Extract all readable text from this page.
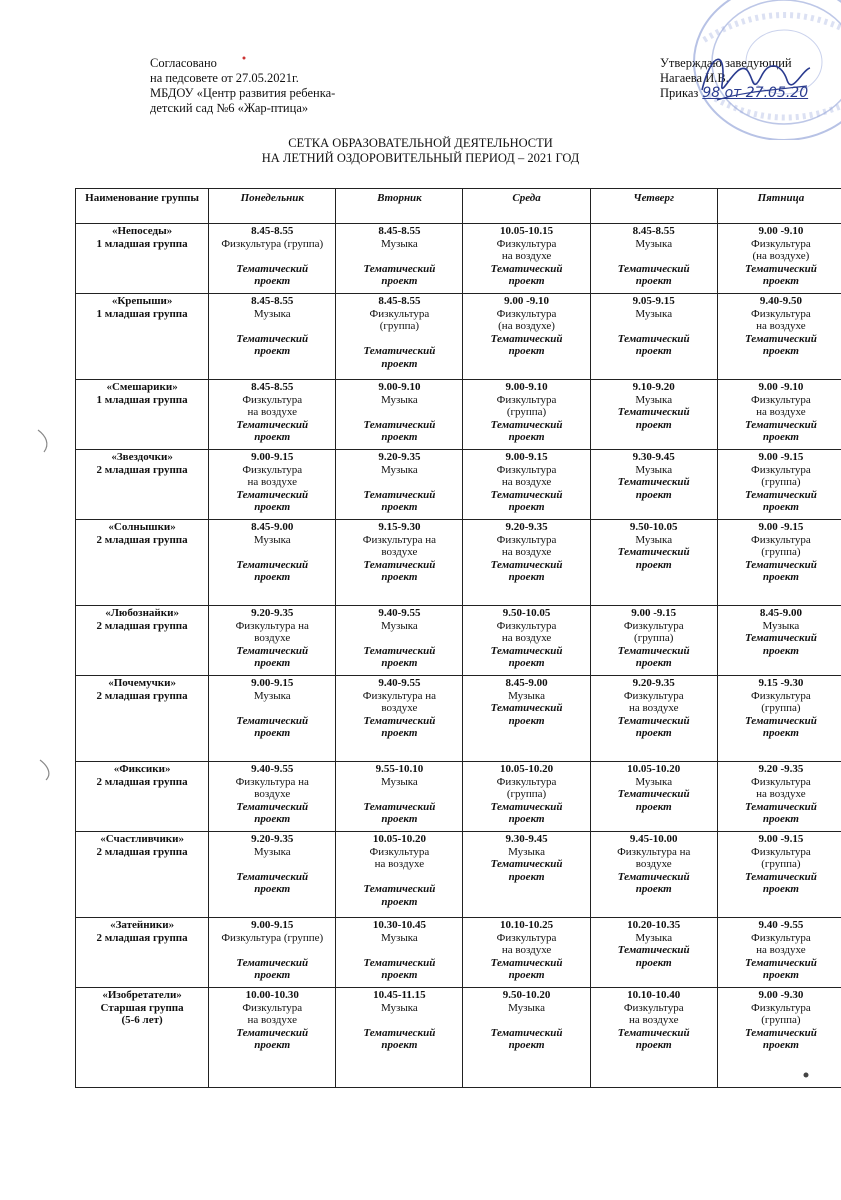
Согласовано
на педсовете от 27.05.2021г.
МБДОУ «Центр развития ребенка-
детский сад №6 «Жар-птица»
Утверждаю заведующий
Нагаева И.В.
Приказ 98 от 27.05.20
СЕТКА ОБРАЗОВАТЕЛЬНОЙ ДЕЯТЕЛЬНОСТИ
НА ЛЕТНИЙ ОЗДОРОВИТЕЛЬНЫЙ ПЕРИОД – 2021 ГОД
Наименование группы	Понедельник	Вторник	Среда	Четверг	Пятница

«Непоседы»
1 младшая группа	8.45-8.55
Физкультура (группа)

Тематический
проект	8.45-8.55
Музыка

Тематический
проект	10.05-10.15
Физкультура
на воздухе
Тематический
проект	8.45-8.55
Музыка

Тематический
проект	9.00 -9.10
Физкультура
(на воздухе)
Тематический
проект

«Крепыши»
1 младшая группа	8.45-8.55
Музыка

Тематический
проект	8.45-8.55
Физкультура
(группа)

Тематический
проект	9.00 -9.10
Физкультура
(на воздухе)
Тематический
проект	9.05-9.15
Музыка

Тематический
проект	9.40-9.50
Физкультура
на воздухе
Тематический
проект

«Смешарики»
1 младшая группа	8.45-8.55
Физкультура
на воздухе
Тематический
проект	9.00-9.10
Музыка

Тематический
проект	9.00-9.10
Физкультура
(группа)
Тематический
проект	9.10-9.20
Музыка
Тематический
проект	9.00 -9.10
Физкультура
на воздухе
Тематический
проект

«Звездочки»
2 младшая группа	9.00-9.15
Физкультура
на воздухе
Тематический
проект	9.20-9.35
Музыка

Тематический
проект	9.00-9.15
Физкультура
на воздухе
Тематический
проект	9.30-9.45
Музыка
Тематический
проект	9.00 -9.15
Физкультура
(группа)
Тематический
проект

«Солнышки»
2 младшая группа	8.45-9.00
Музыка

Тематический
проект	9.15-9.30
Физкультура на
воздухе
Тематический
проект	9.20-9.35
Физкультура
на воздухе
Тематический
проект	9.50-10.05
Музыка
Тематический
проект	9.00 -9.15
Физкультура
(группа)
Тематический
проект

«Любознайки»
2 младшая группа	9.20-9.35
Физкультура на
воздухе
Тематический
проект	9.40-9.55
Музыка

Тематический
проект	9.50-10.05
Физкультура
на воздухе
Тематический
проект	9.00 -9.15
Физкультура
(группа)
Тематический
проект	8.45-9.00
Музыка
Тематический
проект

«Почемучки»
2 младшая группа	9.00-9.15
Музыка

Тематический
проект	9.40-9.55
Физкультура на
воздухе
Тематический
проект	8.45-9.00
Музыка
Тематический
проект	9.20-9.35
Физкультура
на воздухе
Тематический
проект	9.15 -9.30
Физкультура
(группа)
Тематический
проект

«Фиксики»
2 младшая группа	9.40-9.55
Физкультура на
воздухе
Тематический
проект	9.55-10.10
Музыка

Тематический
проект	10.05-10.20
Физкультура
(группа)
Тематический
проект	10.05-10.20
Музыка
Тематический
проект	9.20 -9.35
Физкультура
на воздухе
Тематический
проект

«Счастливчики»
2 младшая группа	9.20-9.35
Музыка

Тематический
проект	10.05-10.20
Физкультура
на воздухе

Тематический
проект	9.30-9.45
Музыка
Тематический
проект	9.45-10.00
Физкультура на
воздухе
Тематический
проект	9.00 -9.15
Физкультура
(группа)
Тематический
проект

«Затейники»
2 младшая группа	9.00-9.15
Физкультура (группе)

Тематический
проект	10.30-10.45
Музыка

Тематический
проект	10.10-10.25
Физкультура
на воздухе
Тематический
проект	10.20-10.35
Музыка
Тематический
проект	9.40 -9.55
Физкультура
на воздухе
Тематический
проект

«Изобретатели»
Старшая группа
(5-6 лет)	10.00-10.30
Физкультура
на воздухе
Тематический
проект	10.45-11.15
Музыка

Тематический
проект	9.50-10.20
Музыка

Тематический
проект	10.10-10.40
Физкультура
на воздухе
Тематический
проект	9.00 -9.30
Физкультура
(группа)
Тематический
проект
